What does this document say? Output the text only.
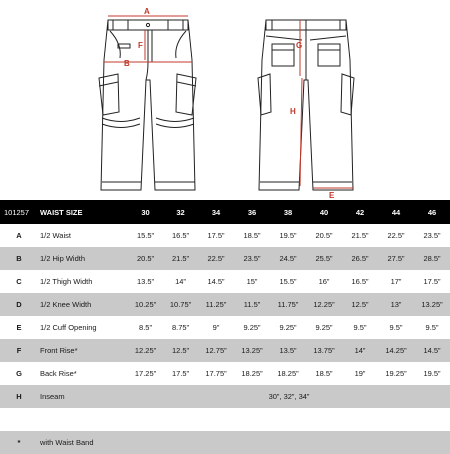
A
F
B
G
H
E
101257	WAIST SIZE	30	32	34	36	38	40	42	44	46
A	1/2 Waist	15.5”	16.5”	17.5”	18.5”	19.5”	20.5”	21.5”	22.5”	23.5”
B	1/2 Hip Width	20.5”	21.5”	22.5”	23.5”	24.5”	25.5”	26.5”	27.5”	28.5”
C	1/2 Thigh Width	13.5”	14”	14.5”	15”	15.5”	16”	16.5”	17”	17.5”
D	1/2 Knee Width	10.25”	10.75”	11.25”	11.5”	11.75”	12.25”	12.5”	13”	13.25”
E	1/2 Cuff Opening	8.5”	8.75”	9”	9.25”	9.25”	9.25”	9.5”	9.5”	9.5”
F	Front Rise*	12.25”	12.5”	12.75”	13.25”	13.5”	13.75”	14”	14.25”	14.5”
G	Back Rise*	17.25”	17.5”	17.75”	18.25”	18.25”	18.5”	19”	19.25”	19.5”
H	Inseam	30”, 32”, 34”								

*	with Waist Band									
